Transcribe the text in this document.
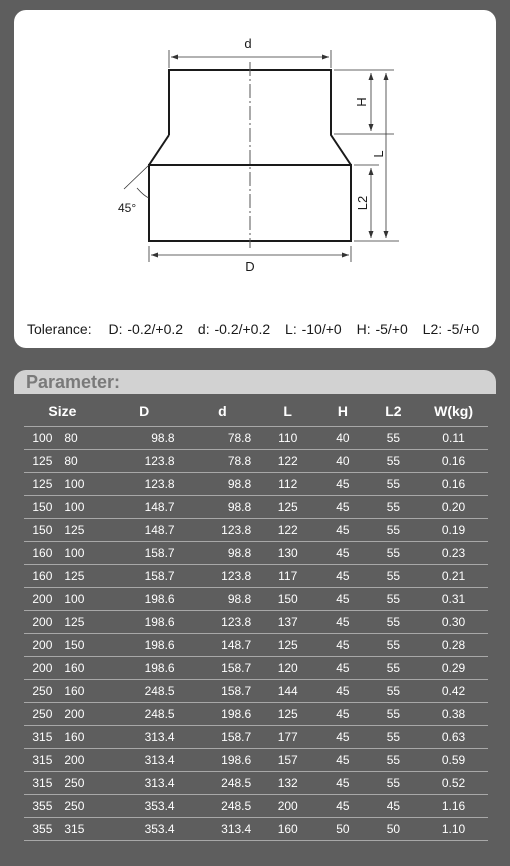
d
D
H
L
L2
45°
Tolerance: D: -0.2/+0.2 d: -0.2/+0.2 L: -10/+0 H: -5/+0 L2: -5/+0
Parameter:
Size	D	d	L	H	L2	W(kg)
100 80	98.8	78.8	110	40	55	0.11
125 80	123.8	78.8	122	40	55	0.16
125 100	123.8	98.8	112	45	55	0.16
150 100	148.7	98.8	125	45	55	0.20
150 125	148.7	123.8	122	45	55	0.19
160 100	158.7	98.8	130	45	55	0.23
160 125	158.7	123.8	117	45	55	0.21
200 100	198.6	98.8	150	45	55	0.31
200 125	198.6	123.8	137	45	55	0.30
200 150	198.6	148.7	125	45	55	0.28
200 160	198.6	158.7	120	45	55	0.29
250 160	248.5	158.7	144	45	55	0.42
250 200	248.5	198.6	125	45	55	0.38
315 160	313.4	158.7	177	45	55	0.63
315 200	313.4	198.6	157	45	55	0.59
315 250	313.4	248.5	132	45	55	0.52
355 250	353.4	248.5	200	45	45	1.16
355 315	353.4	313.4	160	50	50	1.10
